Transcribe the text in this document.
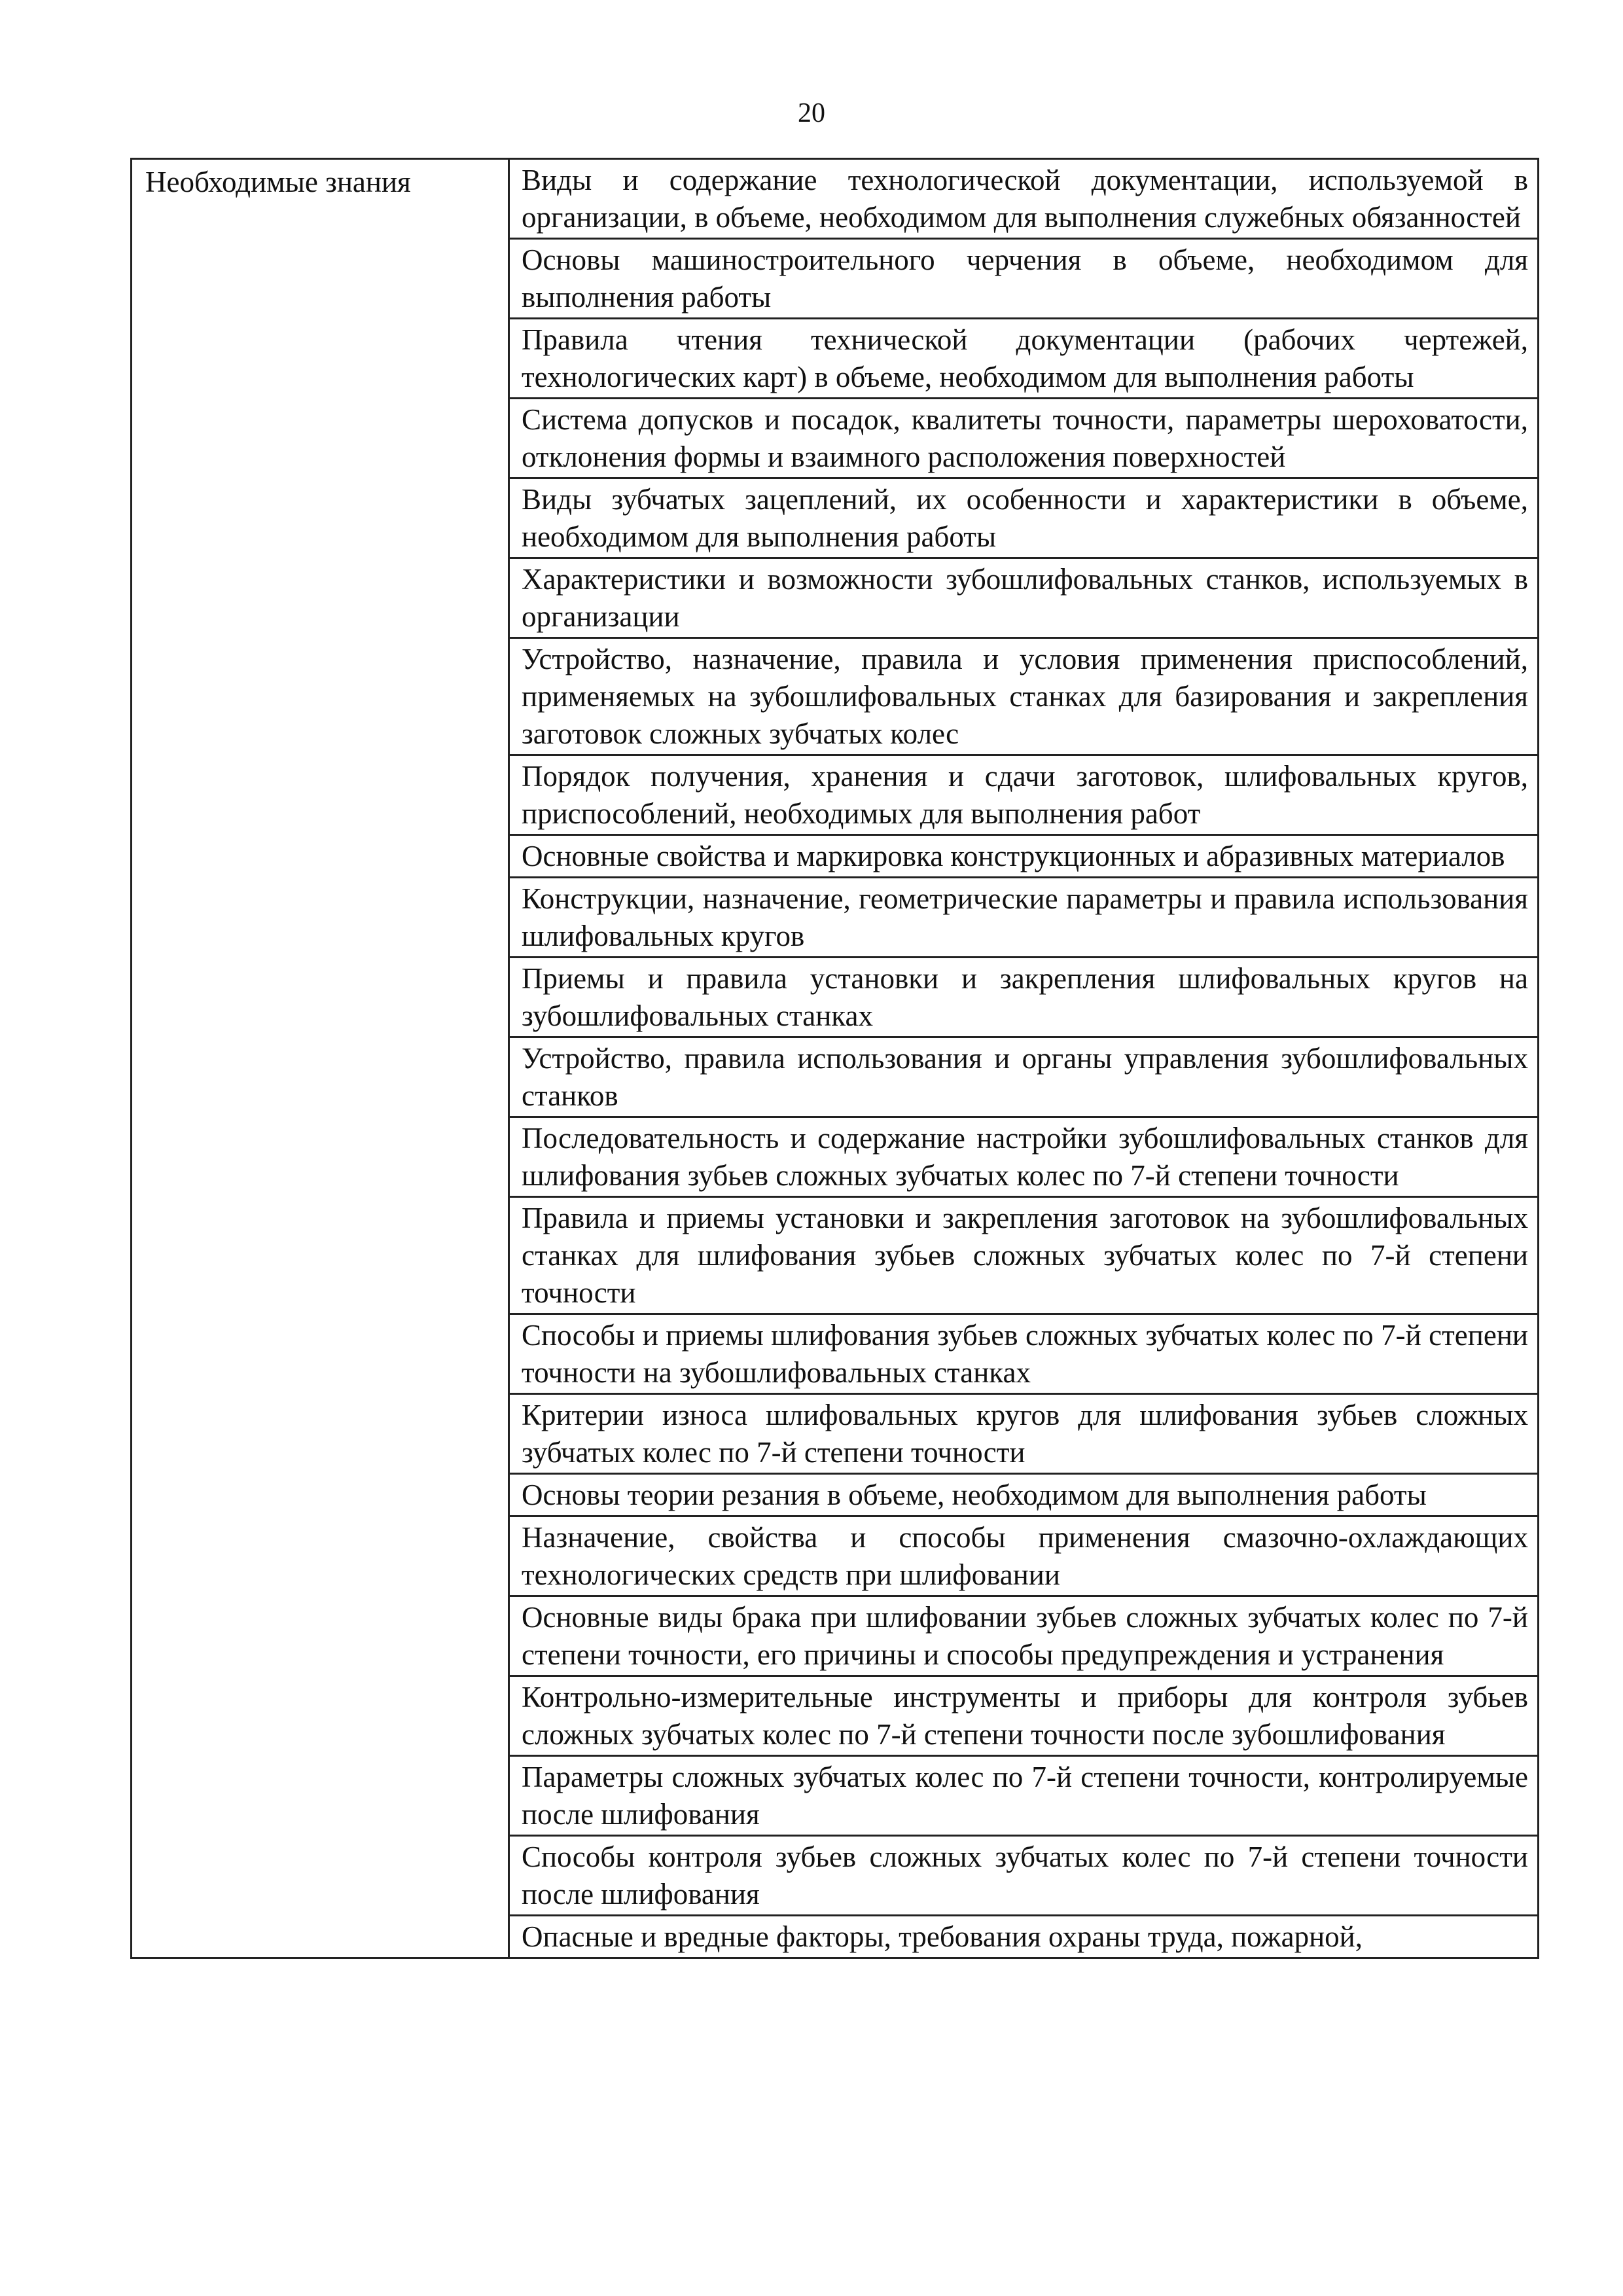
20
Необходимые знания	Виды и содержание технологической документации, используемой в организации, в объеме, необходимом для выполнения служебных обязанностей
Основы машиностроительного черчения в объеме, необходимом для выполнения работы
Правила чтения технической документации (рабочих чертежей, технологических карт) в объеме, необходимом для выполнения работы
Система допусков и посадок, квалитеты точности, параметры шероховатости, отклонения формы и взаимного расположения поверхностей
Виды зубчатых зацеплений, их особенности и характеристики в объеме, необходимом для выполнения работы
Характеристики и возможности зубошлифовальных станков, используемых в организации
Устройство, назначение, правила и условия применения приспособлений, применяемых на зубошлифовальных станках для базирования и закрепления заготовок сложных зубчатых колес
Порядок получения, хранения и сдачи заготовок, шлифовальных кругов, приспособлений, необходимых для выполнения работ
Основные свойства и маркировка конструкционных и абразивных материалов
Конструкции, назначение, геометрические параметры и правила использования шлифовальных кругов
Приемы и правила установки и закрепления шлифовальных кругов на зубошлифовальных станках
Устройство, правила использования и органы управления зубошлифовальных станков
Последовательность и содержание настройки зубошлифовальных станков для шлифования зубьев сложных зубчатых колес по 7-й степени точности
Правила и приемы установки и закрепления заготовок на зубошлифовальных станках для шлифования зубьев сложных зубчатых колес по 7-й степени точности
Способы и приемы шлифования зубьев сложных зубчатых колес по 7-й степени точности на зубошлифовальных станках
Критерии износа шлифовальных кругов для шлифования зубьев сложных зубчатых колес по 7-й степени точности
Основы теории резания в объеме, необходимом для выполнения работы
Назначение, свойства и способы применения смазочно-охлаждающих технологических средств при шлифовании
Основные виды брака при шлифовании зубьев сложных зубчатых колес по 7-й степени точности, его причины и способы предупреждения и устранения
Контрольно-измерительные инструменты и приборы для контроля зубьев сложных зубчатых колес по 7-й степени точности после зубошлифования
Параметры сложных зубчатых колес по 7-й степени точности, контролируемые после шлифования
Способы контроля зубьев сложных зубчатых колес по 7-й степени точности после шлифования
Опасные и вредные факторы, требования охраны труда, пожарной,
